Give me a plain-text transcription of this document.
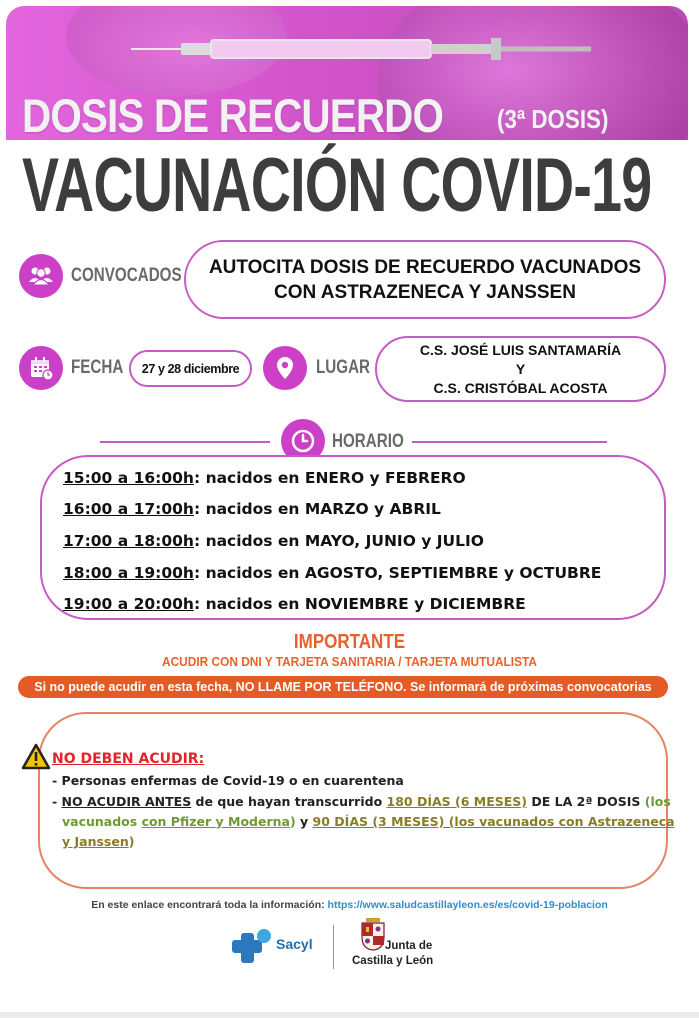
DOSIS DE RECUERDO (3ª DOSIS)
VACUNACIÓN COVID-19
CONVOCADOS AUTOCITA DOSIS DE RECUERDO VACUNADOS
CON ASTRAZENECA Y JANSSEN
FECHA 27 y 28 diciembre	LUGAR
C.S. JOSÉ LUIS SANTAMARÍA
Y
C.S. CRISTÓBAL ACOSTA
HORARIO
15:00 a 16:00h: nacidos en ENERO y FEBRERO
16:00 a 17:00h: nacidos en MARZO y ABRIL
17:00 a 18:00h: nacidos en MAYO, JUNIO y JULIO
18:00 a 19:00h: nacidos en AGOSTO, SEPTIEMBRE y OCTUBRE
19:00 a 20:00h: nacidos en NOVIEMBRE y DICIEMBRE
IMPORTANTE
ACUDIR CON DNI Y TARJETA SANITARIA / TARJETA MUTUALISTA
Si no puede acudir en esta fecha, NO LLAME POR TELÉFONO. Se informará de próximas convocatorias
NO DEBEN ACUDIR:
- Personas enfermas de Covid-19 o en cuarentena
- NO ACUDIR ANTES de que hayan transcurrido 180 DÍAS (6 MESES) DE LA 2ª DOSIS (los
vacunados con Pfizer y Moderna) y 90 DÍAS (3 MESES) (los vacunados con Astrazeneca
y Janssen)
En este enlace encontrará toda la información: https://www.saludcastillayleon.es/es/covid-19-poblacion
Sacyl	Junta de
Castilla y León
